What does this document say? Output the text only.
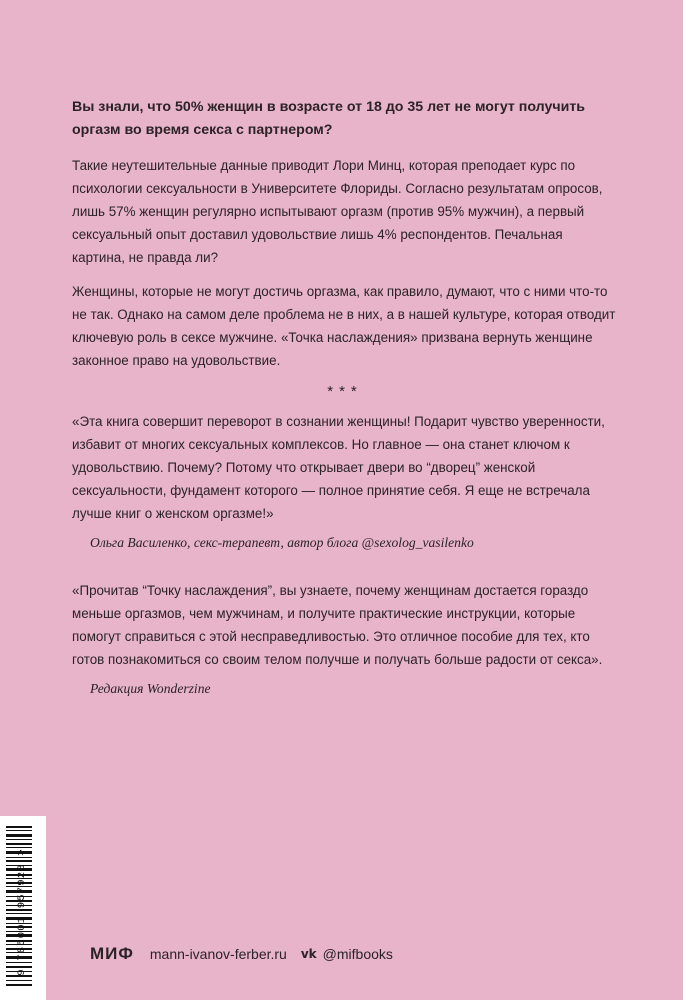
Вы знали, что 50% женщин в возрасте от 18 до 35 лет не могут получить оргазм во время секса с партнером?

Такие неутешительные данные приводит Лори Минц, которая преподает курс по психологии сексуальности в Университете Флориды. Согласно результатам опросов, лишь 57% женщин регулярно испытывают оргазм (против 95% мужчин), а первый сексуальный опыт доставил удовольствие лишь 4% респондентов. Печальная картина, не правда ли?

Женщины, которые не могут достичь оргазма, как правило, думают, что с ними что-то не так. Однако на самом деле проблема не в них, а в нашей культуре, которая отводит ключевую роль в сексе мужчине. «Точка наслаждения» призвана вернуть женщине законное право на удовольствие.

***

«Эта книга совершит переворот в сознании женщины! Подарит чувство уверенности, избавит от многих сексуальных комплексов. Но главное — она станет ключом к удовольствию. Почему? Потому что открывает двери во “дворец” женской сексуальности, фундамент которого — полное принятие себя. Я еще не встречала лучше книг о женском оргазме!»

Ольга Василенко, секс-терапевт, автор блога @sexolog_vasilenko

«Прочитав “Точку наслаждения”, вы узнаете, почему женщинам достается гораздо меньше оргазмов, чем мужчинам, и получите практические инструкции, которые помогут справиться с этой несправедливостью. Это отличное пособие для тех, кто готов познакомиться со своим телом получше и получать больше радости от секса».

Редакция Wonderzine

9 785001 957928 >	МИФ mann-ivanov-ferber.ru vk @mifbooks
